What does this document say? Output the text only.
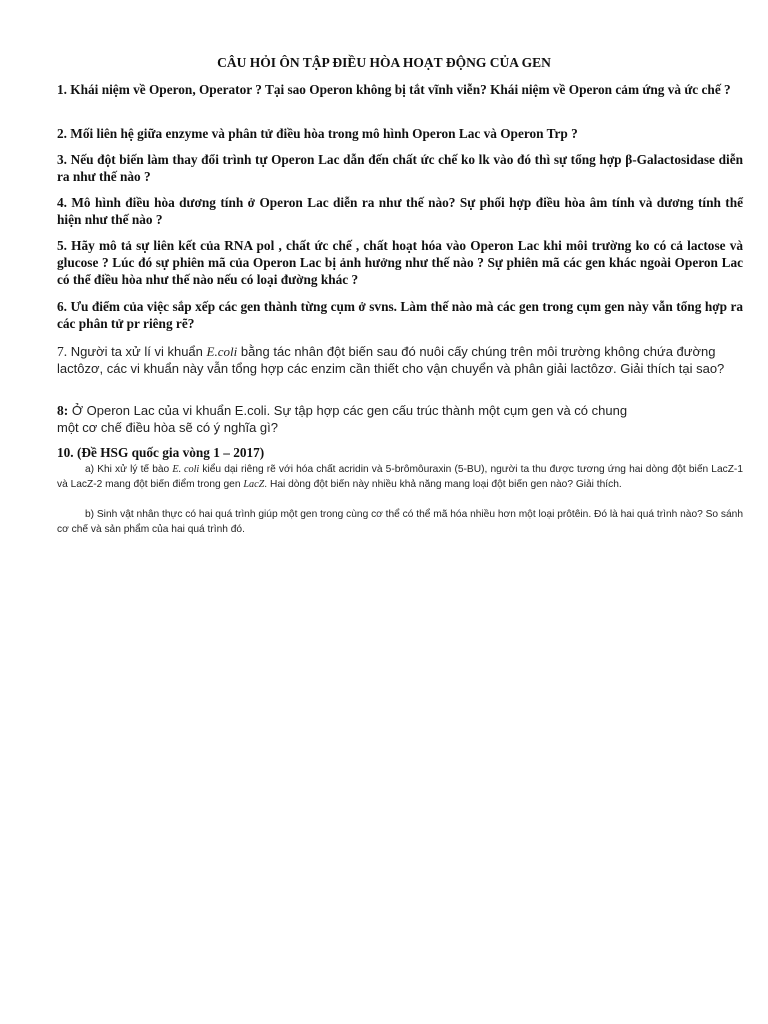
CÂU HỎI ÔN TẬP ĐIỀU HÒA HOẠT ĐỘNG CỦA GEN

1. Khái niệm về Operon, Operator ? Tại sao Operon không bị tắt vĩnh viễn? Khái niệm về Operon cảm ứng và ức chế ?

2. Mối liên hệ giữa enzyme và phân tử điều hòa trong mô hình Operon Lac và Operon Trp ?

3. Nếu đột biến làm thay đổi trình tự Operon Lac dẫn đến chất ức chế ko lk vào đó thì sự tổng hợp β-Galactosidase diễn ra như thế nào ?

4. Mô hình điều hòa dương tính ở Operon Lac diễn ra như thế nào? Sự phối hợp điều hòa âm tính và dương tính thể hiện như thế nào ?

5. Hãy mô tả sự liên kết của RNA pol , chất ức chế , chất hoạt hóa vào Operon Lac khi môi trường ko có cả lactose và glucose ? Lúc đó sự phiên mã của Operon Lac bị ảnh hưởng như thế nào ? Sự phiên mã các gen khác ngoài Operon Lac có thể điều hòa như thế nào nếu có loại đường khác ?

6. Ưu điểm của việc sắp xếp các gen thành từng cụm ở svns. Làm thế nào mà các gen trong cụm gen này vẫn tổng hợp ra các phân tử pr riêng rẽ?

7. Người ta xử lí vi khuẩn E.coli bằng tác nhân đột biến sau đó nuôi cấy chúng trên môi trường không chứa đường lactôzơ, các vi khuẩn này vẫn tổng hợp các enzim cần thiết cho vận chuyển và phân giải lactôzơ. Giải thích tại sao?

8: Ở Operon Lac của vi khuẩn E.coli. Sự tập hợp các gen cấu trúc thành một cụm gen và có chung
một cơ chế điều hòa sẽ có ý nghĩa gì?

10. (Đề HSG quốc gia vòng 1 – 2017)

a) Khi xử lý tế bào E. coli kiểu dại riêng rẽ với hóa chất acridin và 5-brômôuraxin (5-BU), người ta thu được tương ứng hai dòng đột biến LacZ-1 và LacZ-2 mang đột biến điểm trong gen LacZ. Hai dòng đột biến này nhiều khả năng mang loại đột biến gen nào? Giải thích.

b) Sinh vật nhân thực có hai quá trình giúp một gen trong cùng cơ thể có thể mã hóa nhiều hơn một loại prôtêin. Đó là hai quá trình nào? So sánh cơ chế và sản phẩm của hai quá trình đó.
